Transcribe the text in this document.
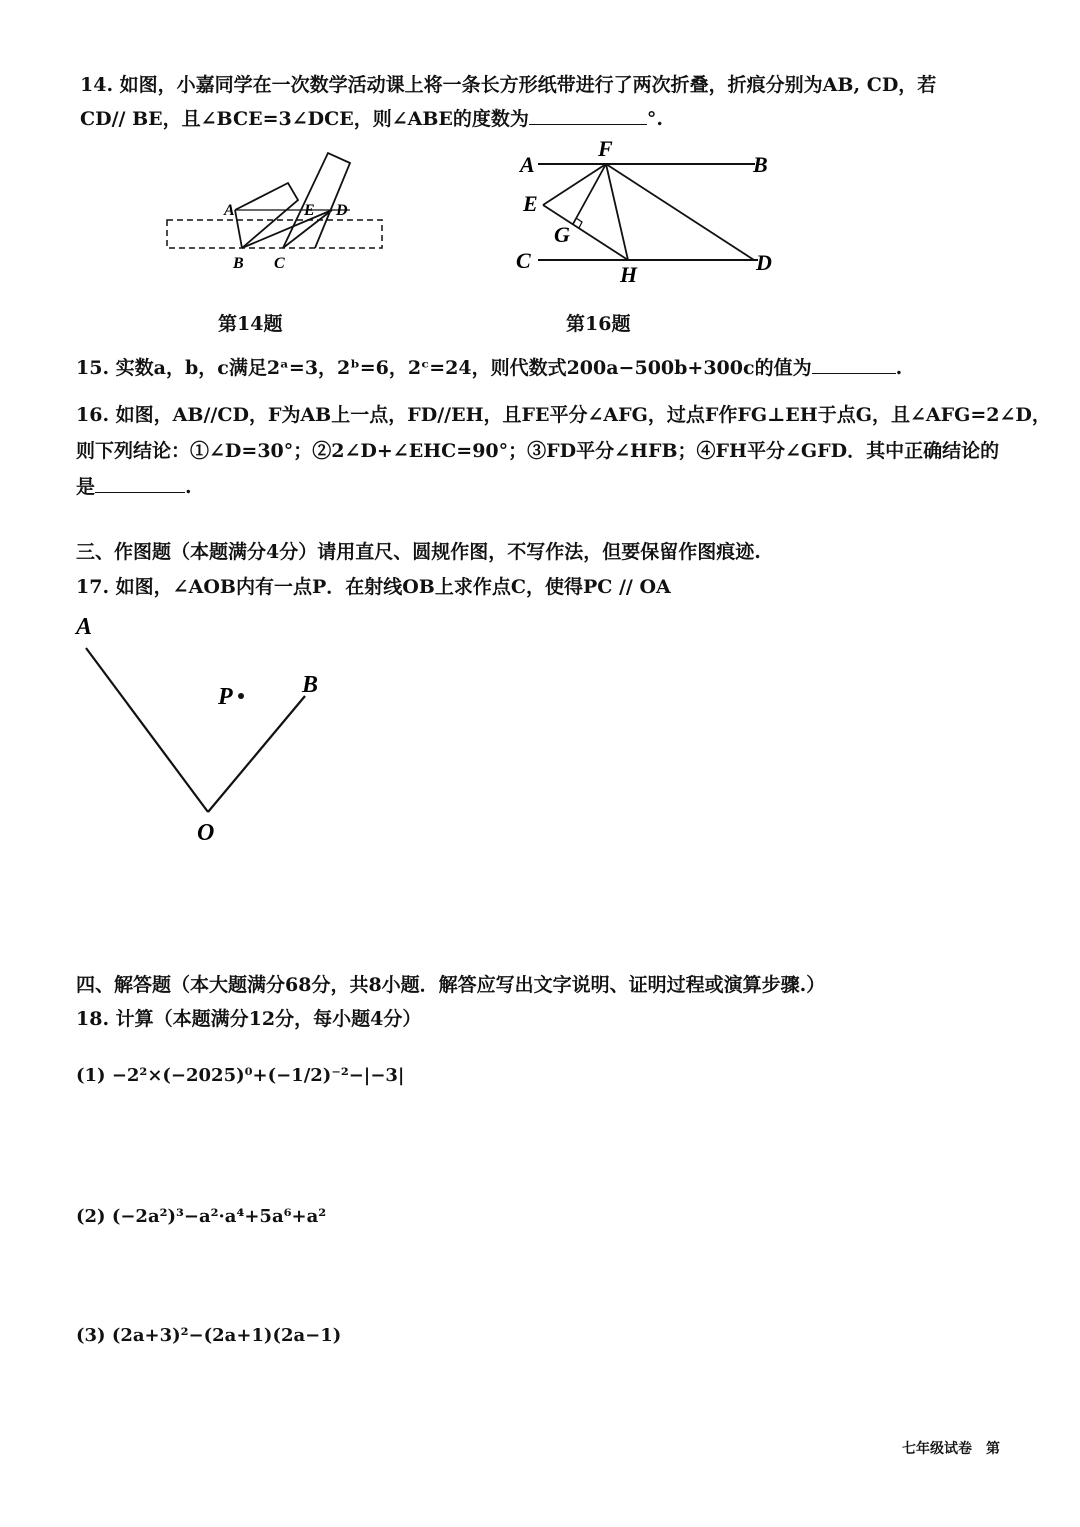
14. 如图，小嘉同学在一次数学活动课上将一条长方形纸带进行了两次折叠，折痕分别为AB, CD，若
CD// BE，且∠BCE=3∠DCE，则∠ABE的度数为	°.
A
B C
D
E
第14题
A
F
B
E
G
C
H	D
第16题
15. 实数a，b，c满足2ᵃ=3，2ᵇ=6，2ᶜ=24，则代数式200a−500b+300c的值为	.
16. 如图，AB//CD，F为AB上一点，FD//EH，且FE平分∠AFG，过点F作FG⊥EH于点G，且∠AFG=2∠D，
则下列结论：①∠D=30°；②2∠D+∠EHC=90°；③FD平分∠HFB；④FH平分∠GFD．其中正确结论的
是	.
三、作图题（本题满分4分）请用直尺、圆规作图，不写作法，但要保留作图痕迹.
17. 如图，∠AOB内有一点P．在射线OB上求作点C，使得PC // OA
A
B
P
O
四、解答题（本大题满分68分，共8小题．解答应写出文字说明、证明过程或演算步骤.）
18. 计算（本题满分12分，每小题4分）
(1) −2²×(−2025)⁰+(−1/2)⁻²−|−3|
(2) (−2a²)³−a²·a⁴+5a⁶+a²
(3) (2a+3)²−(2a+1)(2a−1)
七年级试卷　第
